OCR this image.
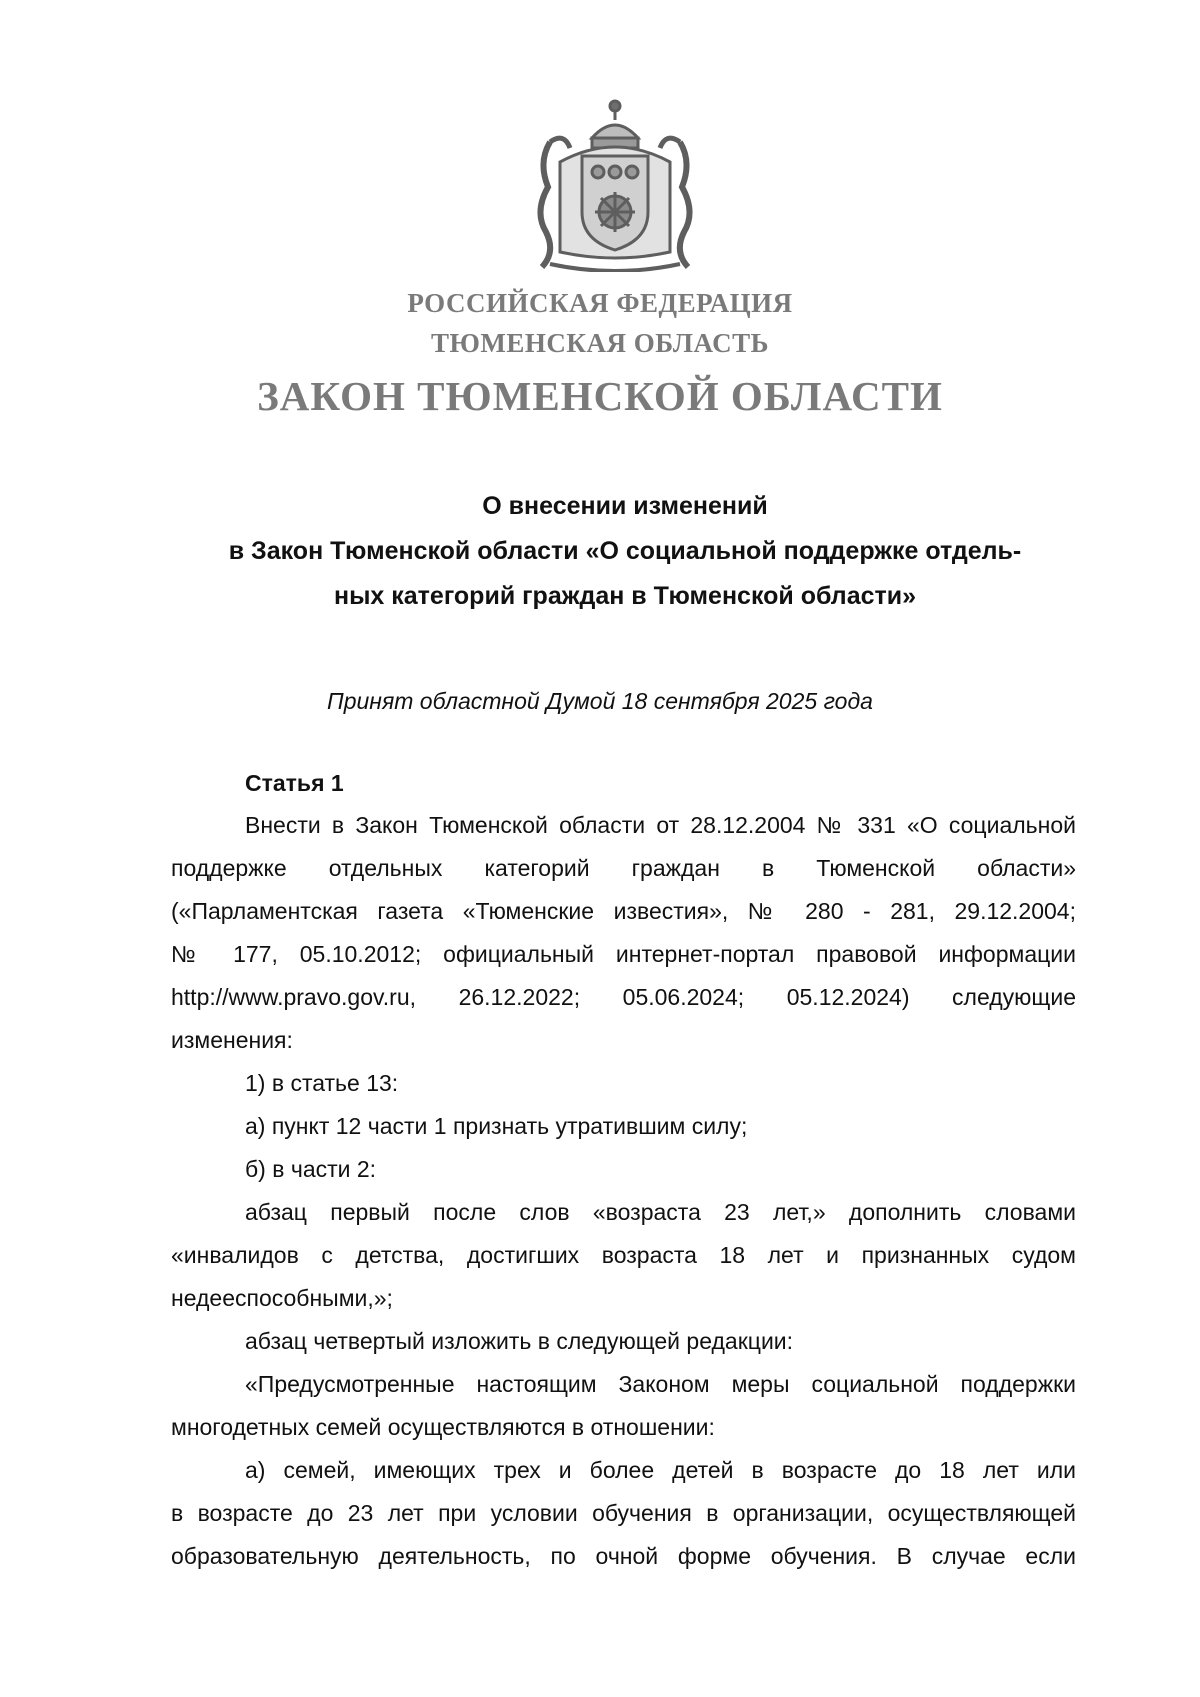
РОССИЙСКАЯ ФЕДЕРАЦИЯ
ТЮМЕНСКАЯ ОБЛАСТЬ
ЗАКОН ТЮМЕНСКОЙ ОБЛАСТИ
О внесении изменений
в Закон Тюменской области «О социальной поддержке отдель-
ных категорий граждан в Тюменской области»
Принят областной Думой 18 сентября 2025 года
Статья 1
Внести в Закон Тюменской области от 28.12.2004 № 331 «О социальной
поддержке отдельных категорий граждан в Тюменской области»
(«Парламентская газета «Тюменские известия», № 280 - 281, 29.12.2004;
№ 177, 05.10.2012; официальный интернет-портал правовой информации
http://www.pravo.gov.ru, 26.12.2022; 05.06.2024; 05.12.2024) следующие
изменения:
1) в статье 13:
а) пункт 12 части 1 признать утратившим силу;
б) в части 2:
абзац первый после слов «возраста 23 лет,» дополнить словами
«инвалидов с детства, достигших возраста 18 лет и признанных судом
недееспособными,»;
абзац четвертый изложить в следующей редакции:
«Предусмотренные настоящим Законом меры социальной поддержки
многодетных семей осуществляются в отношении:
а) семей, имеющих трех и более детей в возрасте до 18 лет или
в возрасте до 23 лет при условии обучения в организации, осуществляющей
образовательную деятельность, по очной форме обучения. В случае если
